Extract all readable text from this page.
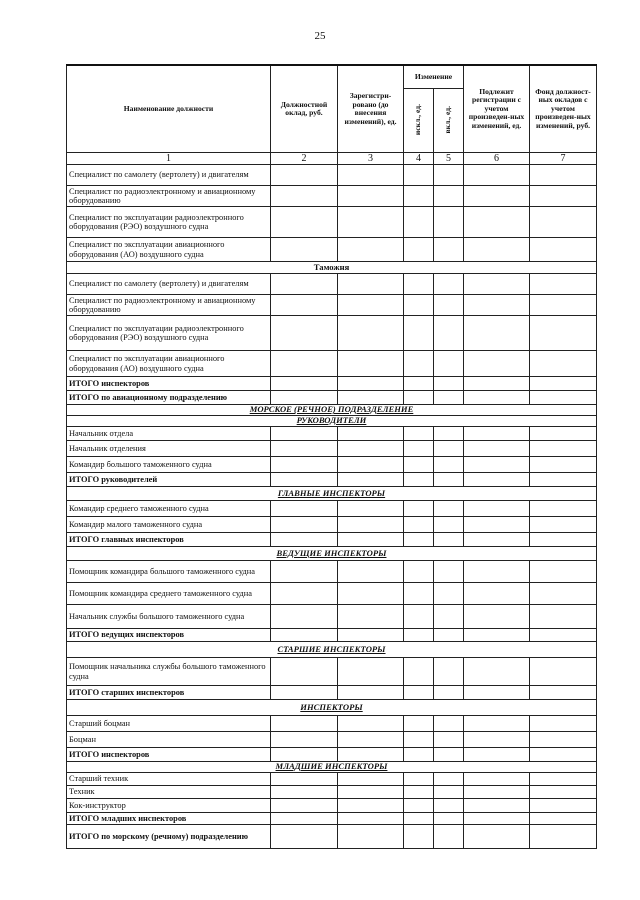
25
Наименование должности	Должностной оклад, руб.	Зарегистри-ровано (до внесения изменений), ед.	Изменение		Подлежит регистрации с учетом произведен-ных изменений, ед.	Фонд должност-ных окладов с учетом произведен-ных изменений, руб.
			искл., ед.	вкл., ед.		
1	2	3	4	5	6	7
Специалист по самолету (вертолету) и двигателям						
Специалист по радиоэлектронному и авиационному оборудованию						
Специалист по эксплуатации радиоэлектронного оборудования (РЭО) воздушного судна						
Специалист по эксплуатации авиационного оборудования (АО) воздушного судна						
Таможня						
Специалист по самолету (вертолету) и двигателям						
Специалист по радиоэлектронному и авиационному оборудованию						
Специалист по эксплуатации радиоэлектронного оборудования (РЭО) воздушного судна						
Специалист по эксплуатации авиационного оборудования (АО) воздушного судна						
ИТОГО инспекторов						
ИТОГО по авиационному подразделению						
МОРСКОЕ (РЕЧНОЕ) ПОДРАЗДЕЛЕНИЕ						
РУКОВОДИТЕЛИ						
Начальник отдела						
Начальник отделения						
Командир большого таможенного судна						
ИТОГО руководителей						
ГЛАВНЫЕ ИНСПЕКТОРЫ						
Командир среднего таможенного судна						
Командир малого таможенного судна						
ИТОГО главных инспекторов						
ВЕДУЩИЕ ИНСПЕКТОРЫ						
Помощник командира большого таможенного судна						
Помощник командира среднего таможенного судна						
Начальник службы большого таможенного судна						
ИТОГО ведущих инспекторов						
СТАРШИЕ ИНСПЕКТОРЫ						
Помощник начальника службы большого таможенного судна						
ИТОГО старших инспекторов						
ИНСПЕКТОРЫ						
Старший боцман						
Боцман						
ИТОГО инспекторов						
МЛАДШИЕ ИНСПЕКТОРЫ						
Старший техник						
Техник						
Кок-инструктор						
ИТОГО младших инспекторов						
ИТОГО по морскому (речному) подразделению						
